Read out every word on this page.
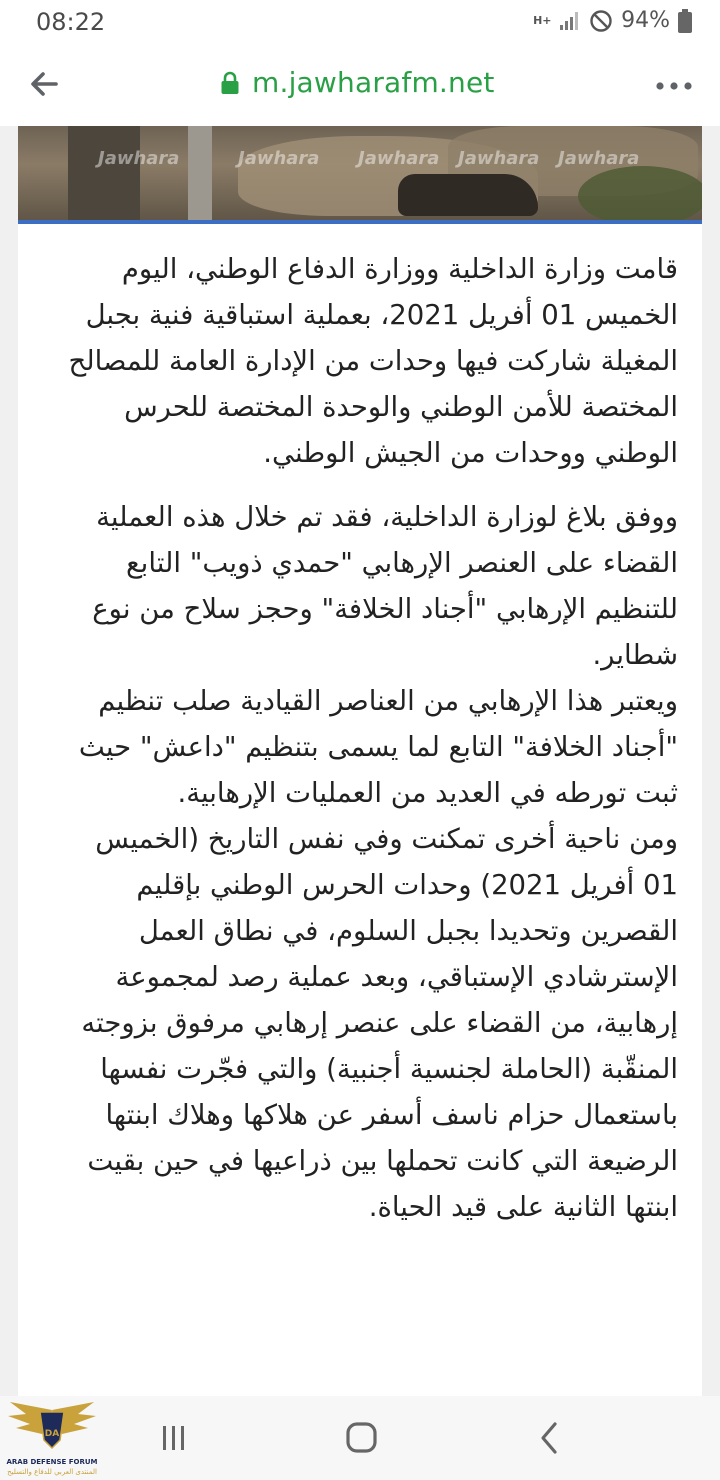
08:22	H+	94%
m.jawharafm.net
Jawhara	Jawhara Jawhara Jawhara Jawhara

قامت وزارة الداخلية ووزارة الدفاع الوطني، اليوم الخميس 01 أفريل 2021، بعملية استباقية فنية بجبل المغيلة شاركت فيها وحدات من الإدارة العامة للمصالح المختصة للأمن الوطني والوحدة المختصة للحرس الوطني ووحدات من الجيش الوطني.

ووفق بلاغ لوزارة الداخلية، فقد تم خلال هذه العملية القضاء على العنصر الإرهابي "حمدي ذويب" التابع للتنظيم الإرهابي "أجناد الخلافة" وحجز سلاح من نوع شطاير.

ويعتبر هذا الإرهابي من العناصر القيادية صلب تنظيم "أجناد الخلافة" التابع لما يسمى بتنظيم "داعش" حيث ثبت تورطه في العديد من العمليات الإرهابية.

ومن ناحية أخرى تمكنت وفي نفس التاريخ (الخميس 01 أفريل 2021) وحدات الحرس الوطني بإقليم القصرين وتحديدا بجبل السلوم، في نطاق العمل الإسترشادي الإستباقي، وبعد عملية رصد لمجموعة إرهابية، من القضاء على عنصر إرهابي مرفوق بزوجته المنقّبة (الحاملة لجنسية أجنبية) والتي فجّرت نفسها باستعمال حزام ناسف أسفر عن هلاكها وهلاك ابنتها الرضيعة التي كانت تحملها بين ذراعيها في حين بقيت ابنتها الثانية على قيد الحياة.

DA
ARAB DEFENSE FORUM
المنتدى العربي للدفاع والتسليح
